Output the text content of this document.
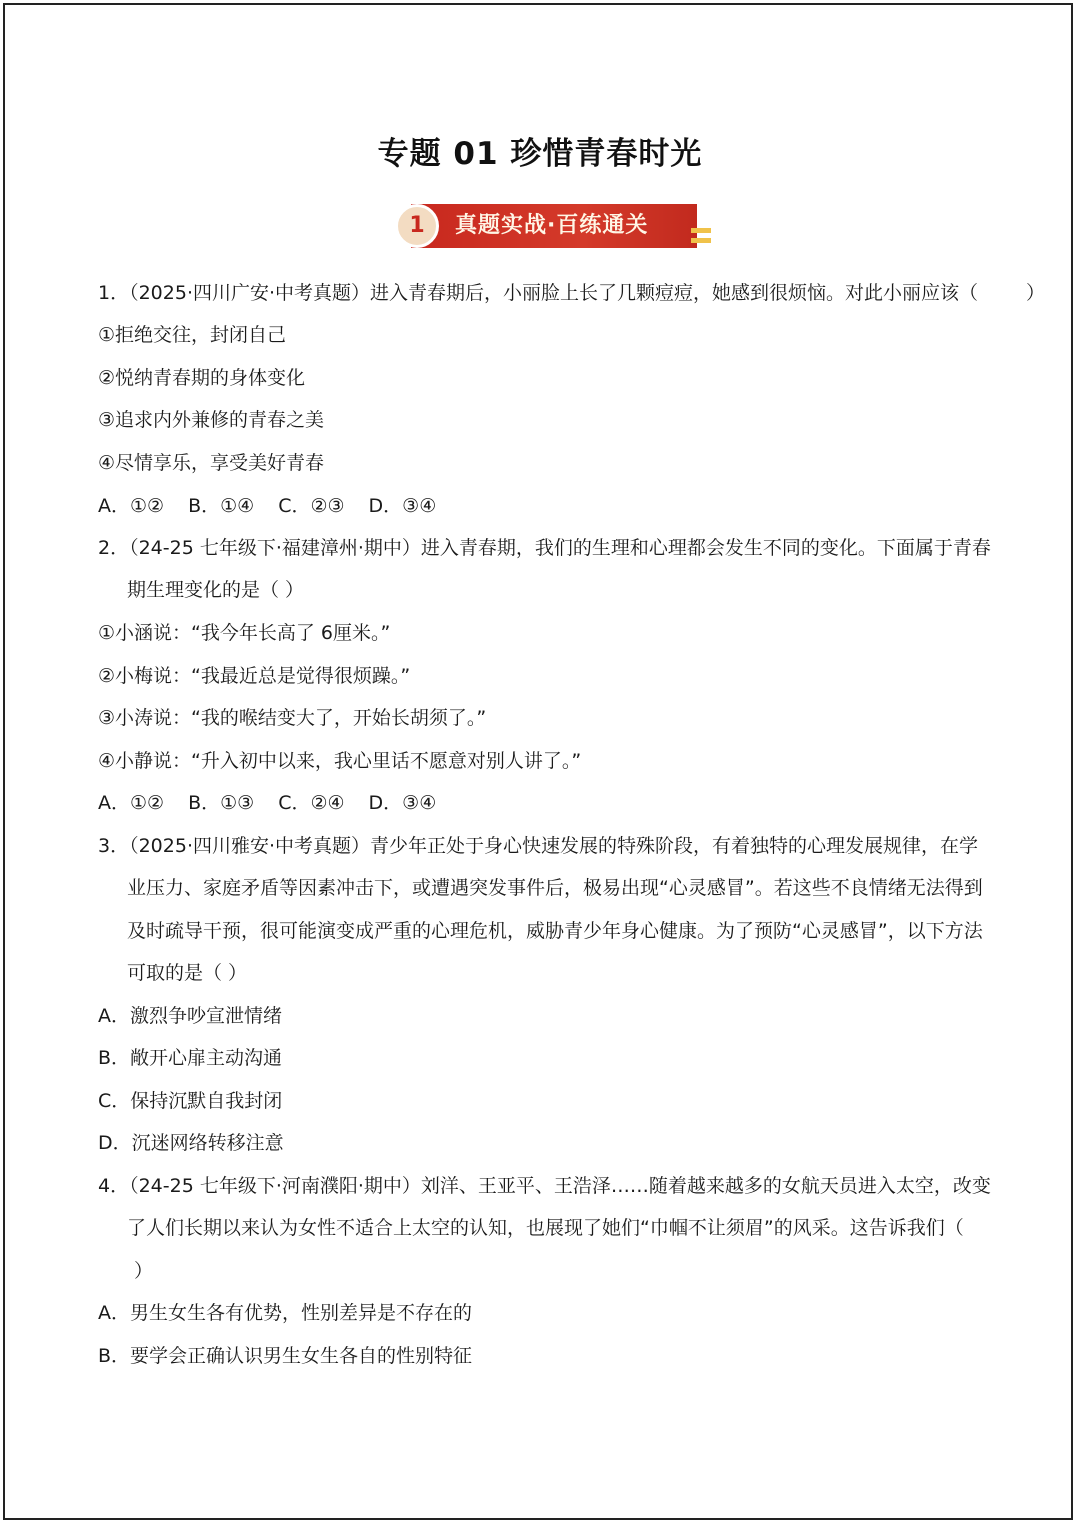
专题 01 珍惜青春时光
1	真题实战·百练通关
1．（2025·四川广安·中考真题）进入青春期后，小丽脸上长了几颗痘痘，她感到很烦恼。对此小丽应该（	）
①拒绝交往，封闭自己
②悦纳青春期的身体变化
③追求内外兼修的青春之美
④尽情享乐，享受美好青春
A．①② B．①④ C．②③ D．③④
2．（24-25 七年级下·福建漳州·期中）进入青春期，我们的生理和心理都会发生不同的变化。下面属于青春
期生理变化的是（ ）
①小涵说：“我今年长高了 6厘米。”
②小梅说：“我最近总是觉得很烦躁。”
③小涛说：“我的喉结变大了，开始长胡须了。”
④小静说：“升入初中以来，我心里话不愿意对别人讲了。”
A．①② B．①③ C．②④ D．③④
3．（2025·四川雅安·中考真题）青少年正处于身心快速发展的特殊阶段，有着独特的心理发展规律，在学
业压力、家庭矛盾等因素冲击下，或遭遇突发事件后，极易出现“心灵感冒”。若这些不良情绪无法得到
及时疏导干预，很可能演变成严重的心理危机，威胁青少年身心健康。为了预防“心灵感冒”，以下方法
可取的是（ ）
A．激烈争吵宣泄情绪
B．敞开心扉主动沟通
C．保持沉默自我封闭
D．沉迷网络转移注意
4．（24-25 七年级下·河南濮阳·期中）刘洋、王亚平、王浩泽……随着越来越多的女航天员进入太空，改变
了人们长期以来认为女性不适合上太空的认知，也展现了她们“巾帼不让须眉”的风采。这告诉我们（
）
A．男生女生各有优势，性别差异是不存在的
B．要学会正确认识男生女生各自的性别特征
